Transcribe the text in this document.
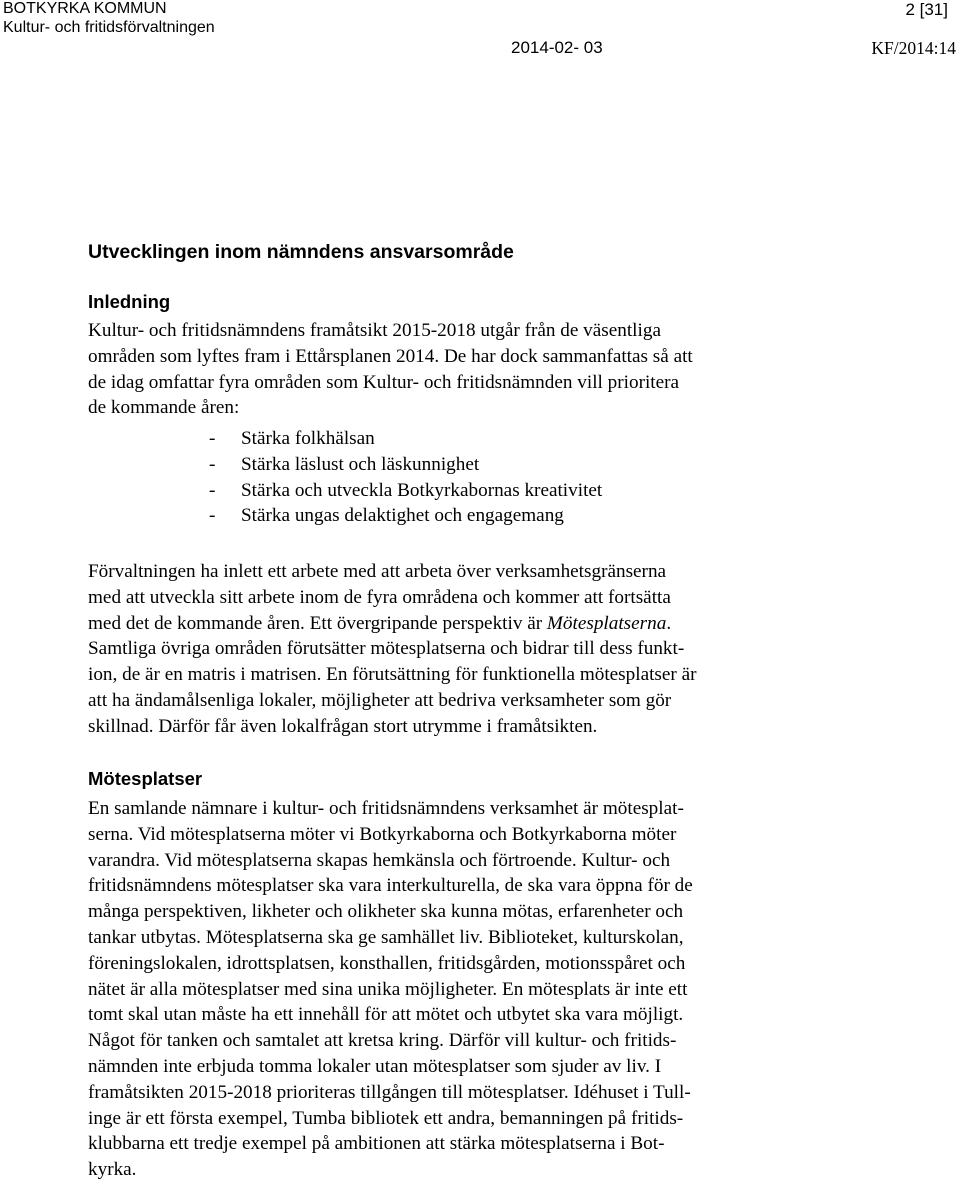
BOTKYRKA KOMMUN
Kultur- och fritidsförvaltningen
2 [31]
2014-02- 03	KF/2014:14
Utvecklingen inom nämndens ansvarsområde
Inledning

Kultur- och fritidsnämndens framåtsikt 2015-2018 utgår från de väsentliga
områden som lyftes fram i Ettårsplanen 2014. De har dock sammanfattas så att
de idag omfattar fyra områden som Kultur- och fritidsnämnden vill prioritera
de kommande åren:

- Stärka folkhälsan
- Stärka läslust och läskunnighet
- Stärka och utveckla Botkyrkabornas kreativitet
- Stärka ungas delaktighet och engagemang

Förvaltningen ha inlett ett arbete med att arbeta över verksamhetsgränserna
med att utveckla sitt arbete inom de fyra områdena och kommer att fortsätta
med det de kommande åren. Ett övergripande perspektiv är Mötesplatserna.
Samtliga övriga områden förutsätter mötesplatserna och bidrar till dess funkt-
ion, de är en matris i matrisen. En förutsättning för funktionella mötesplatser är
att ha ändamålsenliga lokaler, möjligheter att bedriva verksamheter som gör
skillnad. Därför får även lokalfrågan stort utrymme i framåtsikten.

Mötesplatser

En samlande nämnare i kultur- och fritidsnämndens verksamhet är mötesplat-
serna. Vid mötesplatserna möter vi Botkyrkaborna och Botkyrkaborna möter
varandra. Vid mötesplatserna skapas hemkänsla och förtroende. Kultur- och
fritidsnämndens mötesplatser ska vara interkulturella, de ska vara öppna för de
många perspektiven, likheter och olikheter ska kunna mötas, erfarenheter och
tankar utbytas. Mötesplatserna ska ge samhället liv. Biblioteket, kulturskolan,
föreningslokalen, idrottsplatsen, konsthallen, fritidsgården, motionsspåret och
nätet är alla mötesplatser med sina unika möjligheter. En mötesplats är inte ett
tomt skal utan måste ha ett innehåll för att mötet och utbytet ska vara möjligt.
Något för tanken och samtalet att kretsa kring. Därför vill kultur- och fritids-
nämnden inte erbjuda tomma lokaler utan mötesplatser som sjuder av liv. I
framåtsikten 2015-2018 prioriteras tillgången till mötesplatser. Idéhuset i Tull-
inge är ett första exempel, Tumba bibliotek ett andra, bemanningen på fritids-
klubbarna ett tredje exempel på ambitionen att stärka mötesplatserna i Bot-
kyrka.
